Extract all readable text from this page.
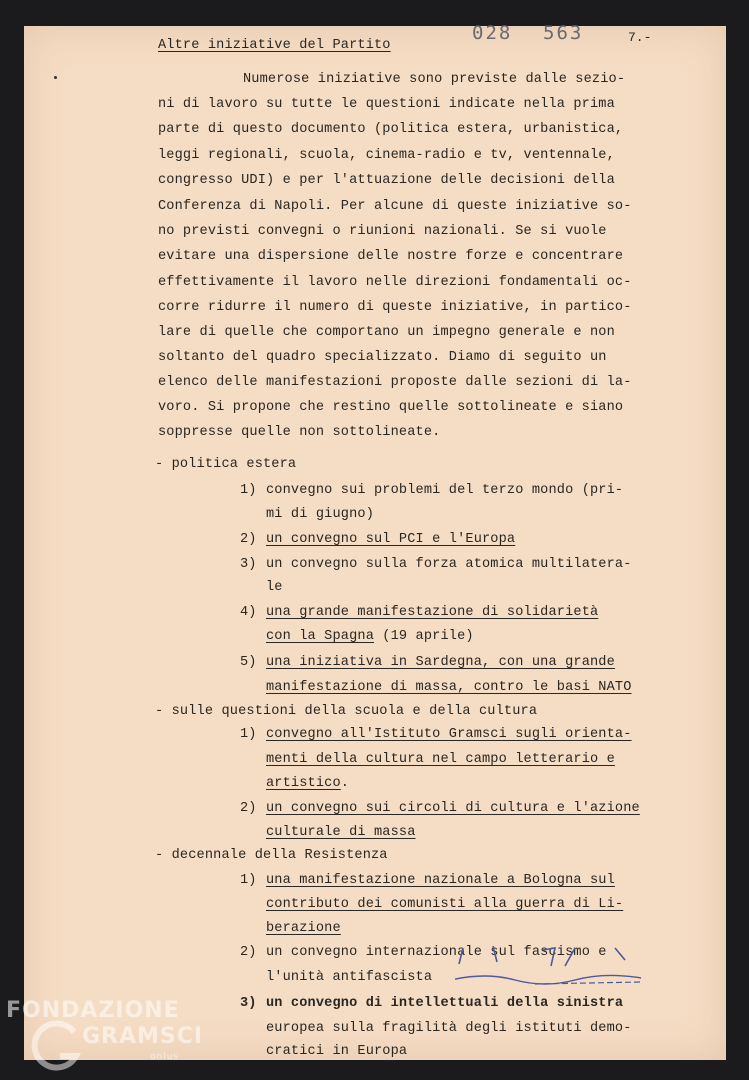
Altre iniziative del Partito
028 563	7.-
Numerose iniziative sono previste dalle sezio-
ni di lavoro su tutte le questioni indicate nella prima
parte di questo documento (politica estera, urbanistica,
leggi regionali, scuola, cinema-radio e tv, ventennale,
congresso UDI) e per l'attuazione delle decisioni della
Conferenza di Napoli. Per alcune di queste iniziative so-
no previsti convegni o riunioni nazionali. Se si vuole
evitare una dispersione delle nostre forze e concentrare
effettivamente il lavoro nelle direzioni fondamentali oc-
corre ridurre il numero di queste iniziative, in partico-
lare di quelle che comportano un impegno generale e non
soltanto del quadro specializzato. Diamo di seguito un
elenco delle manifestazioni proposte dalle sezioni di la-
voro. Si propone che restino quelle sottolineate e siano
soppresse quelle non sottolineate.
- politica estera
1) convegno sui problemi del terzo mondo (pri-
mi di giugno)
2) un convegno sul PCI e l'Europa
3) un convegno sulla forza atomica multilatera-
le
4) una grande manifestazione di solidarietà
con la Spagna (19 aprile)
5) una iniziativa in Sardegna, con una grande
manifestazione di massa, contro le basi NATO
- sulle questioni della scuola e della cultura
1) convegno all'Istituto Gramsci sugli orienta-
menti della cultura nel campo letterario e
artistico.
2) un convegno sui circoli di cultura e l'azione
culturale di massa
- decennale della Resistenza
1) una manifestazione nazionale a Bologna sul
contributo dei comunisti alla guerra di Li-
berazione
2) un convegno internazionale sul fascismo e
l'unità antifascista
3) un convegno di intellettuali della sinistra
europea sulla fragilità degli istituti demo-
cratici in Europa
FONDAZIONE
GRAMSCI
onlus
